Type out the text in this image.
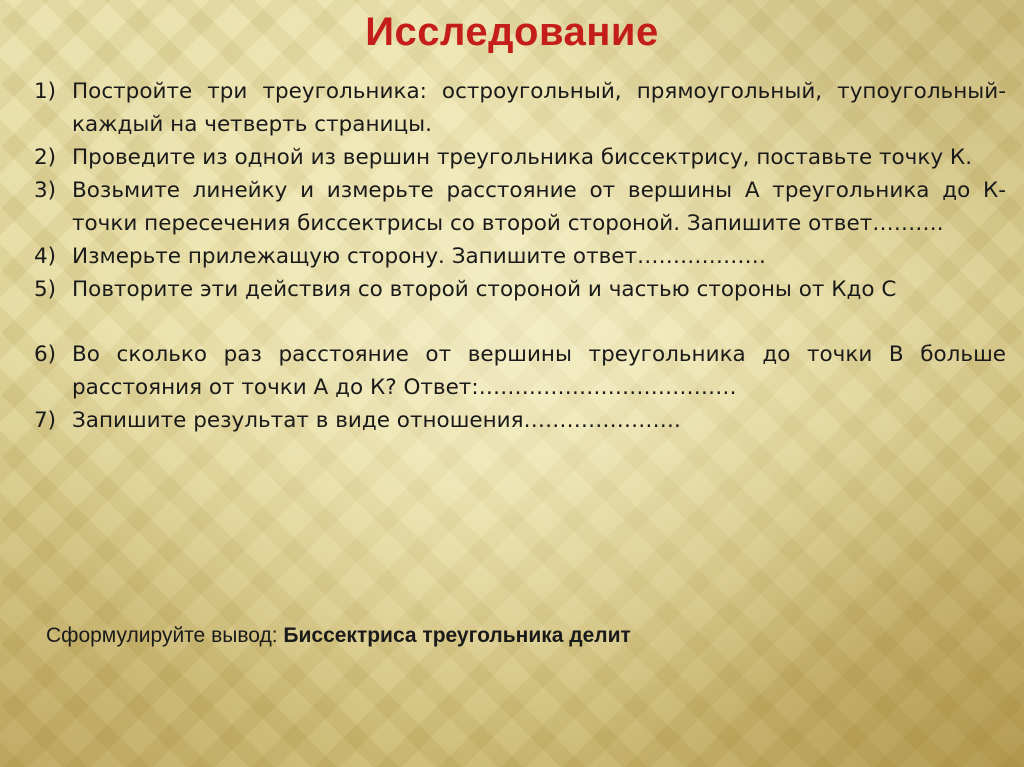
Исследование
1) Постройте три треугольника: остроугольный, прямоугольный, тупоугольный-каждый на четверть страницы.
2) Проведите из одной из вершин треугольника биссектрису, поставьте точку К.
3) Возьмите линейку и измерьте расстояние от вершины А треугольника до К- точки пересечения биссектрисы со второй стороной. Запишите ответ……….
4) Измерьте прилежащую сторону. Запишите ответ………………
5) Повторите эти действия со второй стороной и частью стороны от Кдо С
6) Во сколько раз расстояние от вершины треугольника до точки В больше расстояния от точки А до К? Ответ:………………………………
7) Запишите результат в виде отношения………………….
Сформулируйте вывод: Биссектриса треугольника делит
